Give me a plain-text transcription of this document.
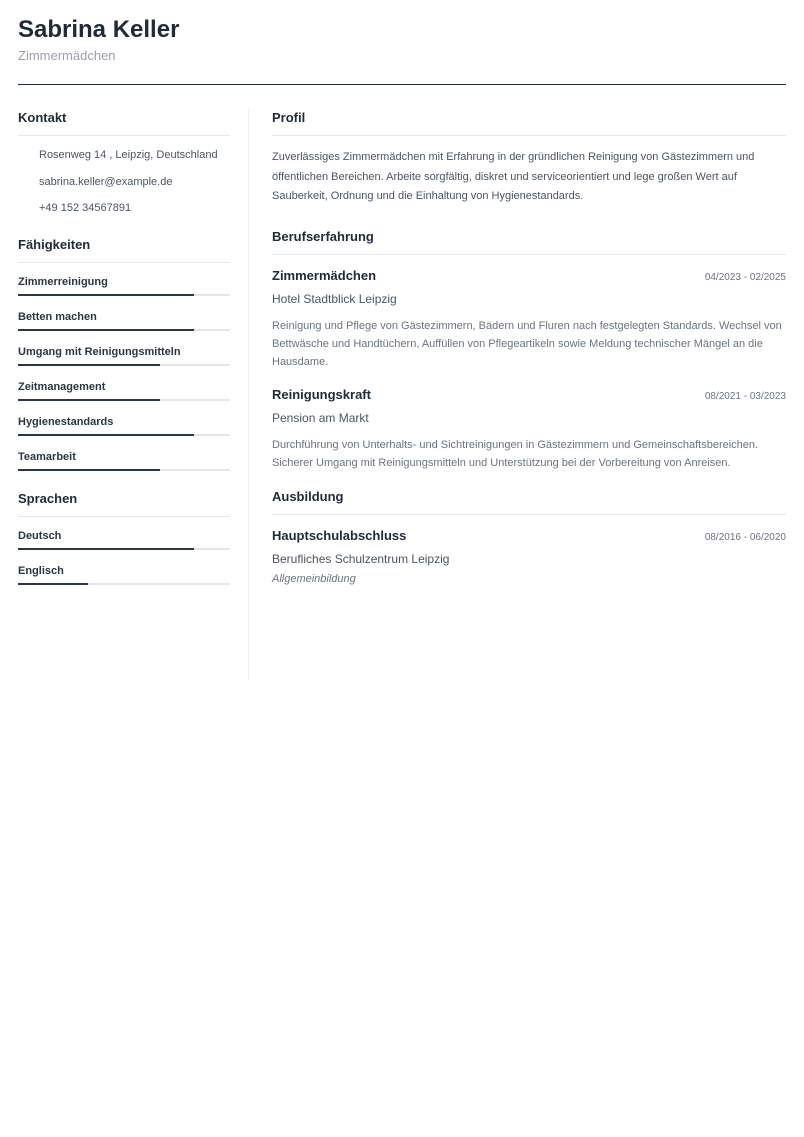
Sabrina Keller
Zimmermädchen
Kontakt
Rosenweg 14 , Leipzig, Deutschland
sabrina.keller@example.de
+49 152 34567891
Fähigkeiten
Zimmerreinigung
Betten machen
Umgang mit Reinigungsmitteln
Zeitmanagement
Hygienestandards
Teamarbeit
Sprachen
Deutsch
Englisch
Profil

Zuverlässiges Zimmermädchen mit Erfahrung in der gründlichen Reinigung von Gästezimmern und öffentlichen Bereichen. Arbeite sorgfältig, diskret und serviceorientiert und lege großen Wert auf Sauberkeit, Ordnung und die Einhaltung von Hygienestandards.

Berufserfahrung
Zimmermädchen	04/2023 - 02/2025
Hotel Stadtblick Leipzig
Reinigung und Pflege von Gästezimmern, Bädern und Fluren nach festgelegten Standards. Wechsel von Bettwäsche und Handtüchern, Auffüllen von Pflegeartikeln sowie Meldung technischer Mängel an die Hausdame.
Reinigungskraft	08/2021 - 03/2023
Pension am Markt
Durchführung von Unterhalts- und Sichtreinigungen in Gästezimmern und Gemeinschaftsbereichen. Sicherer Umgang mit Reinigungsmitteln und Unterstützung bei der Vorbereitung von Anreisen.
Ausbildung
Hauptschulabschluss	08/2016 - 06/2020
Berufliches Schulzentrum Leipzig
Allgemeinbildung
